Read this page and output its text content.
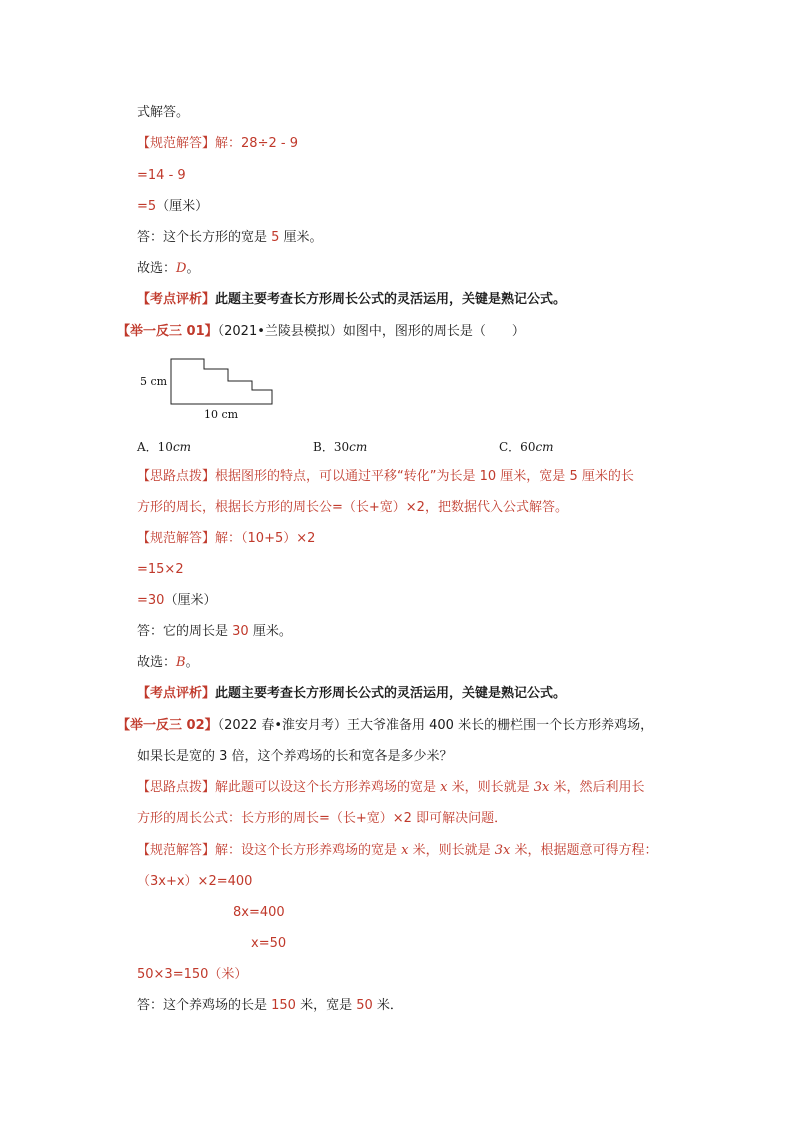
式解答。
【规范解答】解：28÷2 - 9
=14 - 9
=5（厘米）
答：这个长方形的宽是 5 厘米。
故选：D。
【考点评析】此题主要考查长方形周长公式的灵活运用，关键是熟记公式。
【举一反三 01】（2021•兰陵县模拟）如图中，图形的周长是（　　）
5 cm
10 cm
A．10cm	B．30cm	C．60cm
【思路点拨】根据图形的特点，可以通过平移“转化”为长是 10 厘米，宽是 5 厘米的长
方形的周长，根据长方形的周长公=（长+宽）×2，把数据代入公式解答。
【规范解答】解：（10+5）×2
=15×2
=30（厘米）
答：它的周长是 30 厘米。
故选：B。
【考点评析】此题主要考查长方形周长公式的灵活运用，关键是熟记公式。
【举一反三 02】（2022 春•淮安月考）王大爷准备用 400 米长的栅栏围一个长方形养鸡场，
如果长是宽的 3 倍，这个养鸡场的长和宽各是多少米？
【思路点拨】解此题可以设这个长方形养鸡场的宽是 x 米，则长就是 3x 米，然后利用长
方形的周长公式：长方形的周长=（长+宽）×2 即可解决问题．
【规范解答】解：设这个长方形养鸡场的宽是 x 米，则长就是 3x 米，根据题意可得方程：
（3x+x）×2=400
8x=400
x=50
50×3=150（米）
答：这个养鸡场的长是 150 米，宽是 50 米．
